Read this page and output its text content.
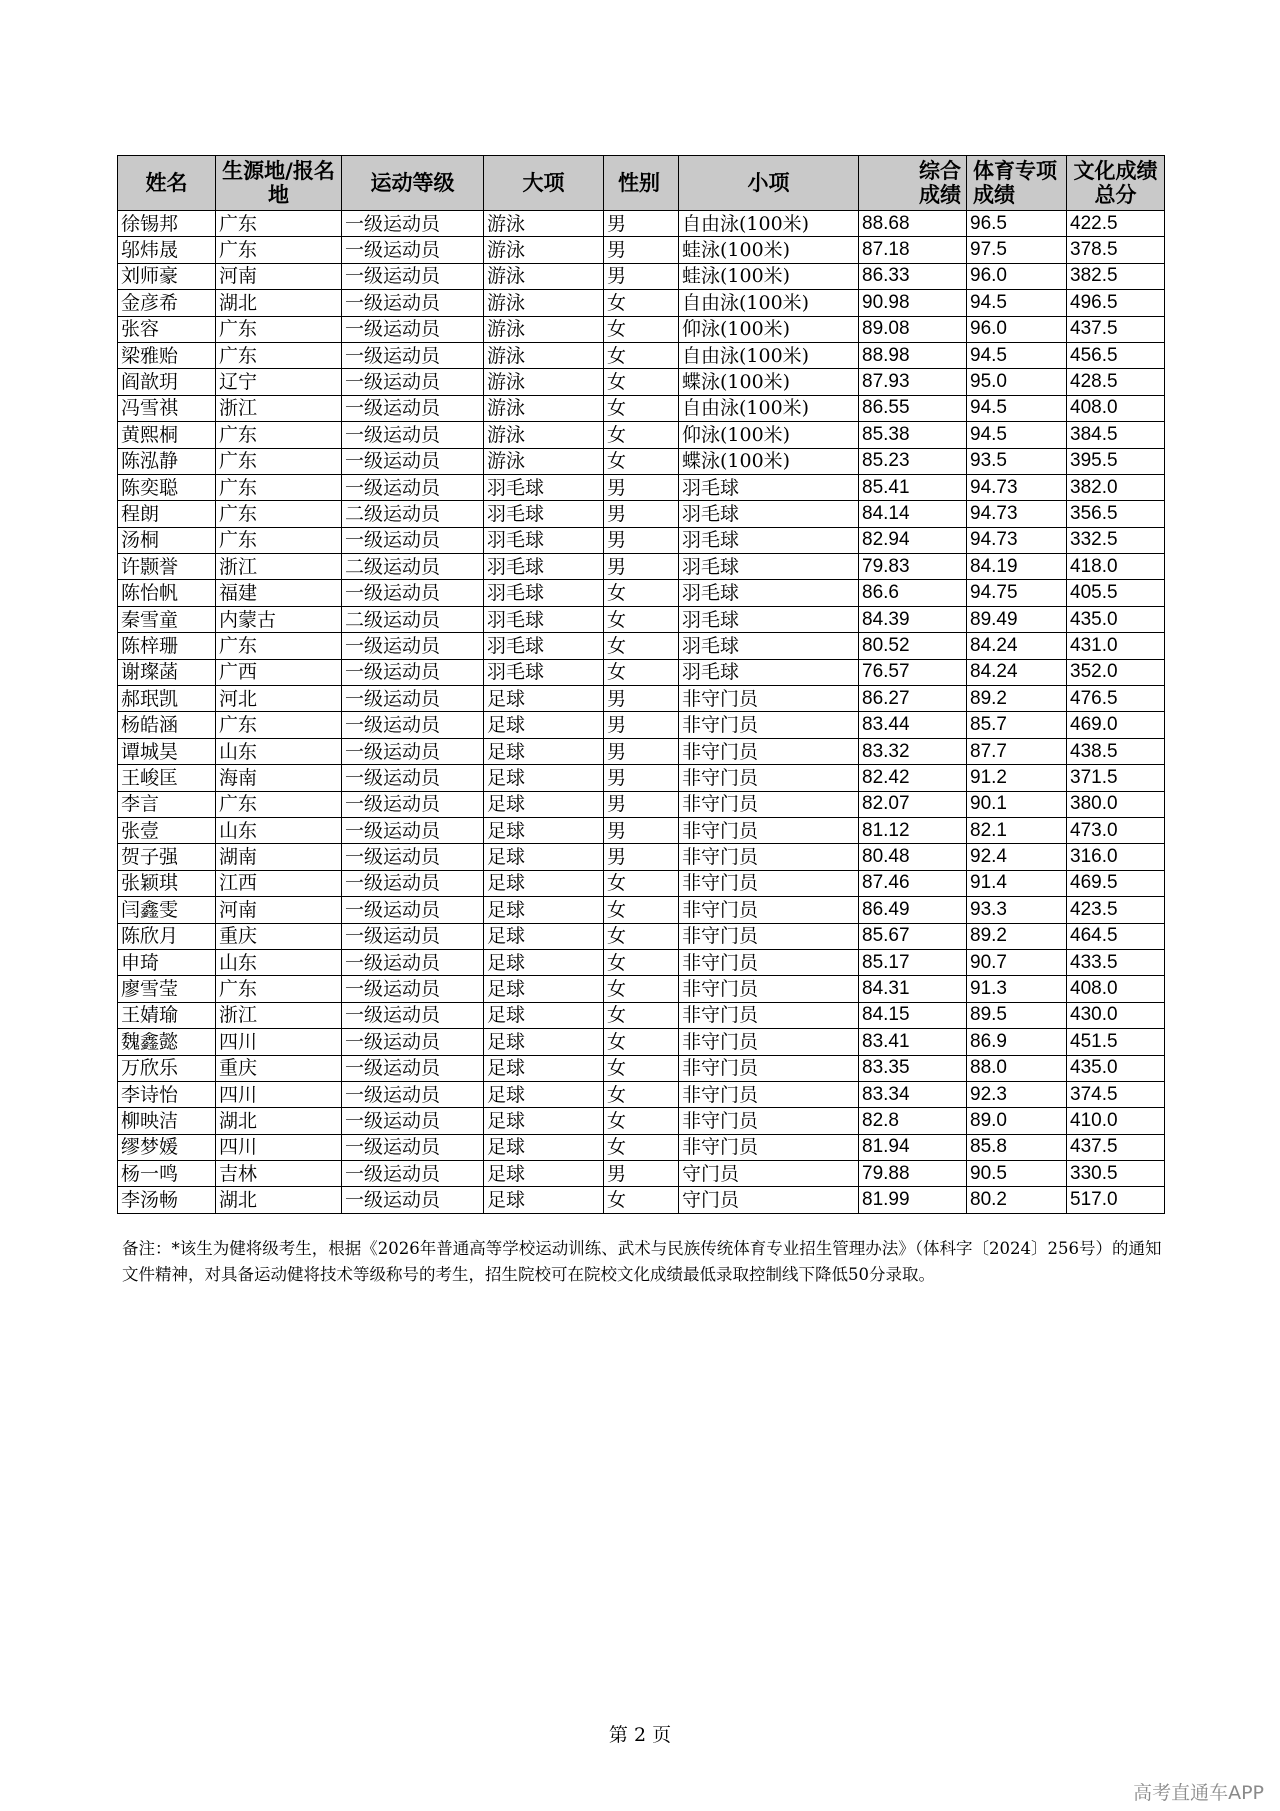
姓名	生源地/报名地	运动等级	大项	性别	小项	综合成绩	体育专项成绩	文化成绩总分
徐锡邦	广东	一级运动员	游泳	男	自由泳(100米)	88.68	96.5	422.5
邬炜晟	广东	一级运动员	游泳	男	蛙泳(100米)	87.18	97.5	378.5
刘师豪	河南	一级运动员	游泳	男	蛙泳(100米)	86.33	96.0	382.5
金彦希	湖北	一级运动员	游泳	女	自由泳(100米)	90.98	94.5	496.5
张容	广东	一级运动员	游泳	女	仰泳(100米)	89.08	96.0	437.5
梁雅贻	广东	一级运动员	游泳	女	自由泳(100米)	88.98	94.5	456.5
阎歆玥	辽宁	一级运动员	游泳	女	蝶泳(100米)	87.93	95.0	428.5
冯雪祺	浙江	一级运动员	游泳	女	自由泳(100米)	86.55	94.5	408.0
黄熙桐	广东	一级运动员	游泳	女	仰泳(100米)	85.38	94.5	384.5
陈泓静	广东	一级运动员	游泳	女	蝶泳(100米)	85.23	93.5	395.5
陈奕聪	广东	一级运动员	羽毛球	男	羽毛球	85.41	94.73	382.0
程朗	广东	二级运动员	羽毛球	男	羽毛球	84.14	94.73	356.5
汤桐	广东	一级运动员	羽毛球	男	羽毛球	82.94	94.73	332.5
许颢誉	浙江	二级运动员	羽毛球	男	羽毛球	79.83	84.19	418.0
陈怡帆	福建	一级运动员	羽毛球	女	羽毛球	86.6	94.75	405.5
秦雪童	内蒙古	二级运动员	羽毛球	女	羽毛球	84.39	89.49	435.0
陈梓珊	广东	一级运动员	羽毛球	女	羽毛球	80.52	84.24	431.0
谢璨菡	广西	一级运动员	羽毛球	女	羽毛球	76.57	84.24	352.0
郝珉凯	河北	一级运动员	足球	男	非守门员	86.27	89.2	476.5
杨皓涵	广东	一级运动员	足球	男	非守门员	83.44	85.7	469.0
谭城昊	山东	一级运动员	足球	男	非守门员	83.32	87.7	438.5
王峻匡	海南	一级运动员	足球	男	非守门员	82.42	91.2	371.5
李言	广东	一级运动员	足球	男	非守门员	82.07	90.1	380.0
张壹	山东	一级运动员	足球	男	非守门员	81.12	82.1	473.0
贺子强	湖南	一级运动员	足球	男	非守门员	80.48	92.4	316.0
张颖琪	江西	一级运动员	足球	女	非守门员	87.46	91.4	469.5
闫鑫雯	河南	一级运动员	足球	女	非守门员	86.49	93.3	423.5
陈欣月	重庆	一级运动员	足球	女	非守门员	85.67	89.2	464.5
申琦	山东	一级运动员	足球	女	非守门员	85.17	90.7	433.5
廖雪莹	广东	一级运动员	足球	女	非守门员	84.31	91.3	408.0
王婧瑜	浙江	一级运动员	足球	女	非守门员	84.15	89.5	430.0
魏鑫懿	四川	一级运动员	足球	女	非守门员	83.41	86.9	451.5
万欣乐	重庆	一级运动员	足球	女	非守门员	83.35	88.0	435.0
李诗怡	四川	一级运动员	足球	女	非守门员	83.34	92.3	374.5
柳映洁	湖北	一级运动员	足球	女	非守门员	82.8	89.0	410.0
缪梦媛	四川	一级运动员	足球	女	非守门员	81.94	85.8	437.5
杨一鸣	吉林	一级运动员	足球	男	守门员	79.88	90.5	330.5
李汤畅	湖北	一级运动员	足球	女	守门员	81.99	80.2	517.0
备注：*该生为健将级考生，根据《2026年普通高等学校运动训练、武术与民族传统体育专业招生管理办法》（体科字〔2024〕256号）的通知文件精神，对具备运动健将技术等级称号的考生，招生院校可在院校文化成绩最低录取控制线下降低50分录取。
第 2 页
高考直通车APP
